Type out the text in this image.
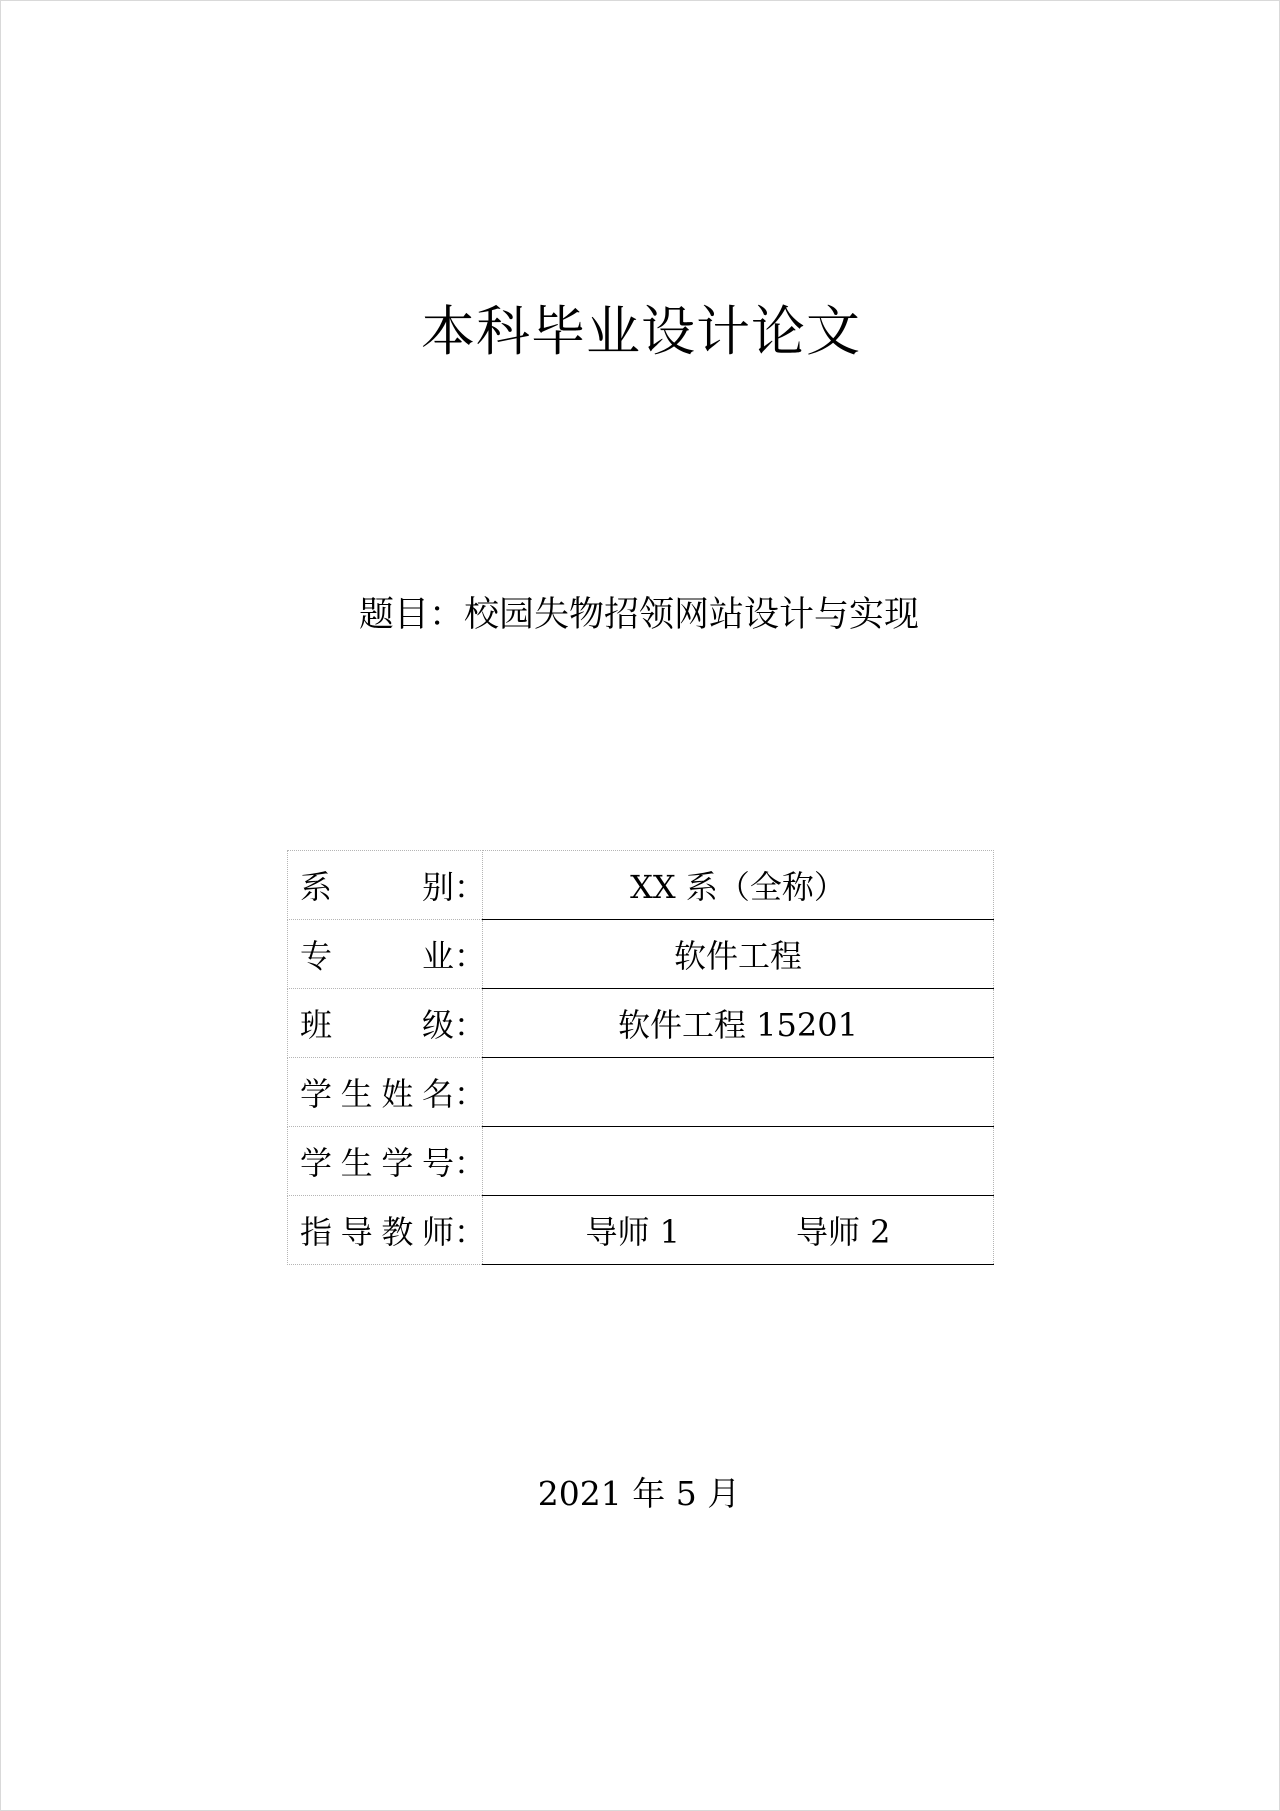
本科毕业设计论文
题目：校园失物招领网站设计与实现
系别：	XX 系（全称）
专业：	软件工程
班级：	软件工程 15201
学生姓名：	
学生学号：	
指导教师：	导师 1 导师 2
2021 年 5 月
